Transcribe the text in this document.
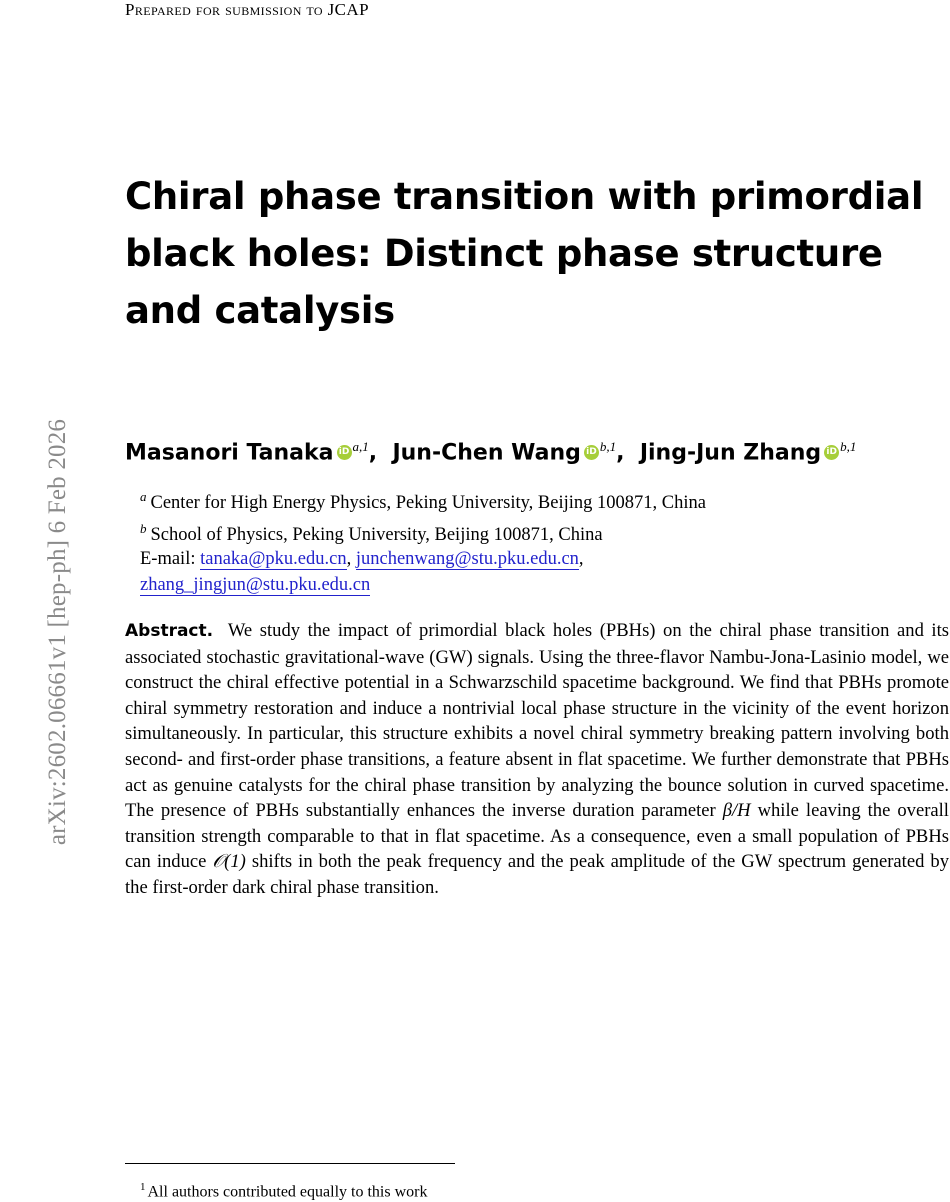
arXiv:2602.06661v1 [hep-ph] 6 Feb 2026
Prepared for submission to JCAP
Chiral phase transition with primordial black holes: Distinct phase structure and catalysis
Masanori Tanaka iD $^{a,1}$,  Jun-Chen Wang iD $^{b,1}$,  Jing-Jun Zhang iD $^{b,1}$
$^a$ Center for High Energy Physics, Peking University, Beijing 100871, China
$^b$ School of Physics, Peking University, Beijing 100871, China
E-mail: tanaka@pku.edu.cn, junchenwang@stu.pku.edu.cn,
zhang_jingjun@stu.pku.edu.cn
Abstract. We study the impact of primordial black holes (PBHs) on the chiral phase transition and its associated stochastic gravitational-wave (GW) signals. Using the three-flavor Nambu-Jona-Lasinio model, we construct the chiral effective potential in a Schwarzschild spacetime background. We find that PBHs promote chiral symmetry restoration and induce a nontrivial local phase structure in the vicinity of the event horizon simultaneously. In particular, this structure exhibits a novel chiral symmetry breaking pattern involving both second- and first-order phase transitions, a feature absent in flat spacetime. We further demonstrate that PBHs act as genuine catalysts for the chiral phase transition by analyzing the bounce solution in curved spacetime. The presence of PBHs substantially enhances the inverse duration parameter β/H while leaving the overall transition strength comparable to that in flat spacetime. As a consequence, even a small population of PBHs can induce 𝒪(1) shifts in both the peak frequency and the peak amplitude of the GW spectrum generated by the first-order dark chiral phase transition.
$^1$ All authors contributed equally to this work
